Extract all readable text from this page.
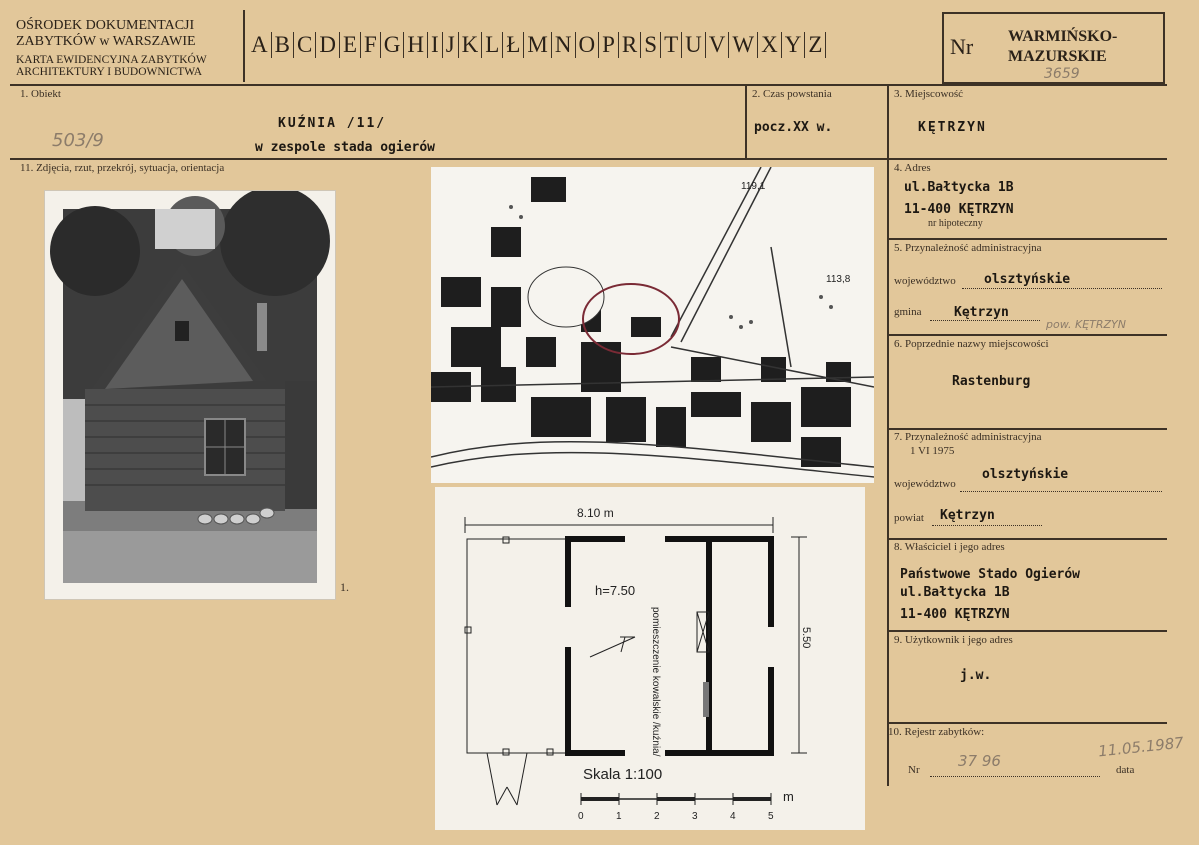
OŚRODEK DOKUMENTACJI
ZABYTKÓW w WARSZAWIE
KARTA EWIDENCYJNA ZABYTKÓW
ARCHITEKTURY I BUDOWNICTWA
A B C D E F G H I J K L Ł M N O P R S T U V W X Y Z	Nr WARMIŃSKO-
MAZURSKIE
3659
1. Obiekt
503/9
KUŹNIA /11/
w zespole stada ogierów
2. Czas powstania
pocz.XX w.
3. Miejscowość
KĘTRZYN
11. Zdjęcia, rzut, przekrój, sytuacja, orientacja
1.
119,1
113,8
8.10 m
5.50
h=7.50
pomieszczenie kowalskie /kuźnia/
Skala 1:100
0	1	2	3	4	5
m
4. Adres
ul.Bałtycka 1B
11-400 KĘTRZYN
nr hipoteczny
5. Przynależność administracyjna
województwo olsztyńskie
gmina	Kętrzyn
pow. KĘTRZYN
6. Poprzednie nazwy miejscowości
Rastenburg
7. Przynależność administracyjna
1 VI 1975
olsztyńskie
województwo
powiat Kętrzyn
8. Właściciel i jego adres
Państwowe Stado Ogierów
ul.Bałtycka 1B
11-400 KĘTRZYN
9. Użytkownik i jego adres
j.w.
10. Rejestr zabytków:
Nr	37 96
11.05.1987
data
